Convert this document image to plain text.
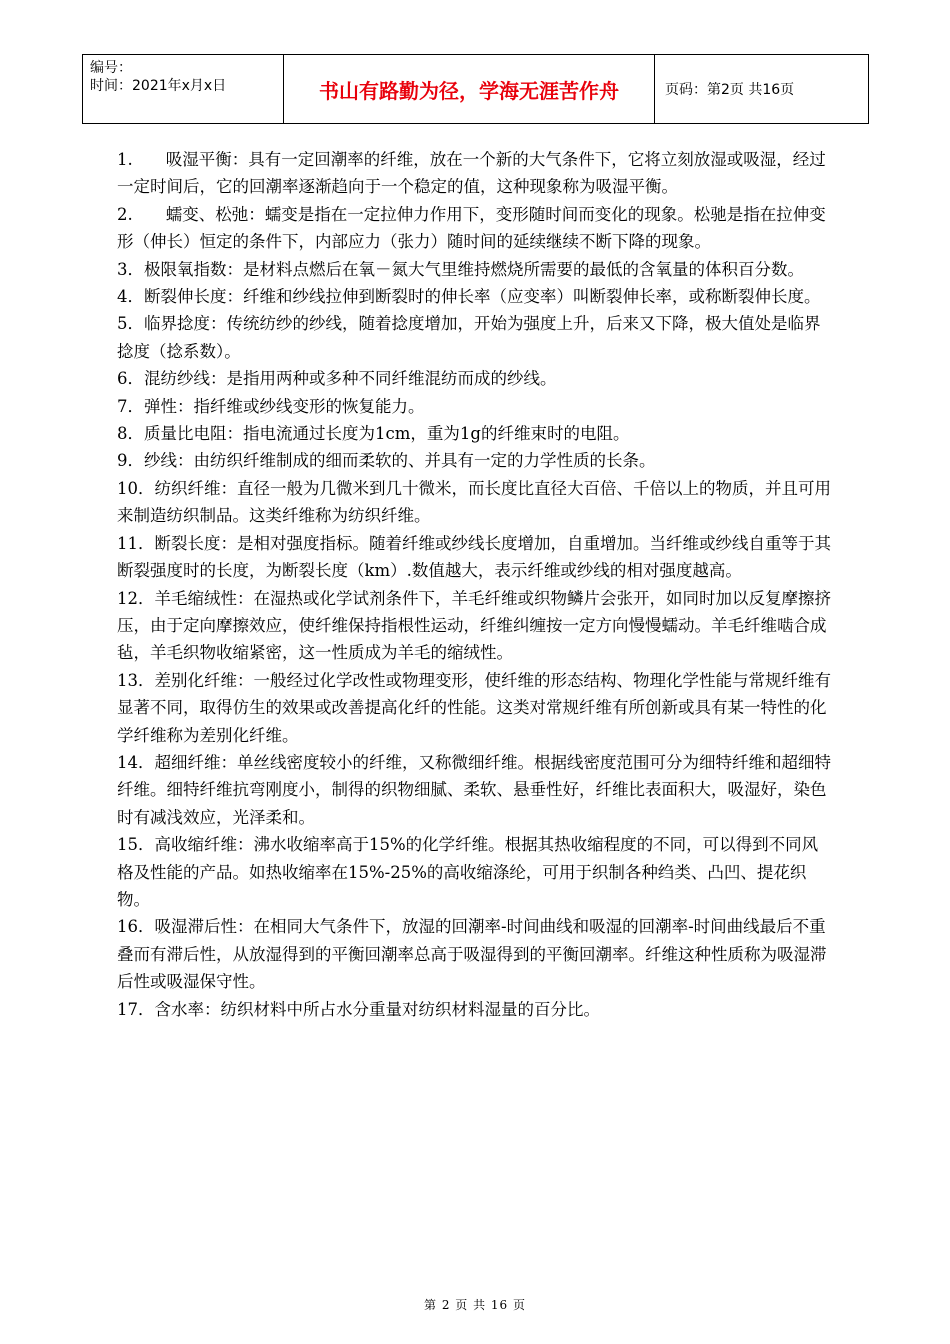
编号：
时间：2021年x月x日	书山有路勤为径，学海无涯苦作舟	页码：第2页 共16页

1.　　吸湿平衡：具有一定回潮率的纤维，放在一个新的大气条件下，它将立刻放湿或吸湿，经过一定时间后，它的回潮率逐渐趋向于一个稳定的值，这种现象称为吸湿平衡。

2.　　蠕变、松弛：蠕变是指在一定拉伸力作用下，变形随时间而变化的现象。松驰是指在拉伸变形（伸长）恒定的条件下，内部应力（张力）随时间的延续继续不断下降的现象。

3．极限氧指数：是材料点燃后在氧－氮大气里维持燃烧所需要的最低的含氧量的体积百分数。

4．断裂伸长度：纤维和纱线拉伸到断裂时的伸长率（应变率）叫断裂伸长率，或称断裂伸长度。

5．临界捻度：传统纺纱的纱线，随着捻度增加，开始为强度上升，后来又下降，极大值处是临界捻度（捻系数）。

6．混纺纱线：是指用两种或多种不同纤维混纺而成的纱线。

7．弹性：指纤维或纱线变形的恢复能力。

8．质量比电阻：指电流通过长度为1cm，重为1g的纤维束时的电阻。

9．纱线：由纺织纤维制成的细而柔软的、并具有一定的力学性质的长条。

10．纺织纤维：直径一般为几微米到几十微米，而长度比直径大百倍、千倍以上的物质，并且可用来制造纺织制品。这类纤维称为纺织纤维。

11．断裂长度：是相对强度指标。随着纤维或纱线长度增加，自重增加。当纤维或纱线自重等于其断裂强度时的长度，为断裂长度（km）.数值越大，表示纤维或纱线的相对强度越高。

12．羊毛缩绒性：在湿热或化学试剂条件下，羊毛纤维或织物鳞片会张开，如同时加以反复摩擦挤压，由于定向摩擦效应，使纤维保持指根性运动，纤维纠缠按一定方向慢慢蠕动。羊毛纤维啮合成毡，羊毛织物收缩紧密，这一性质成为羊毛的缩绒性。

13．差别化纤维：一般经过化学改性或物理变形，使纤维的形态结构、物理化学性能与常规纤维有显著不同，取得仿生的效果或改善提高化纤的性能。这类对常规纤维有所创新或具有某一特性的化学纤维称为差别化纤维。

14．超细纤维：单丝线密度较小的纤维，又称微细纤维。根据线密度范围可分为细特纤维和超细特纤维。细特纤维抗弯刚度小，制得的织物细腻、柔软、悬垂性好，纤维比表面积大，吸湿好，染色时有减浅效应，光泽柔和。

15．高收缩纤维：沸水收缩率高于15%的化学纤维。根据其热收缩程度的不同，可以得到不同风格及性能的产品。如热收缩率在15%-25%的高收缩涤纶，可用于织制各种绉类、凸凹、提花织物。

16．吸湿滞后性：在相同大气条件下，放湿的回潮率-时间曲线和吸湿的回潮率-时间曲线最后不重叠而有滞后性，从放湿得到的平衡回潮率总高于吸湿得到的平衡回潮率。纤维这种性质称为吸湿滞后性或吸湿保守性。

17．含水率：纺织材料中所占水分重量对纺织材料湿量的百分比。

第 2 页 共 16 页
